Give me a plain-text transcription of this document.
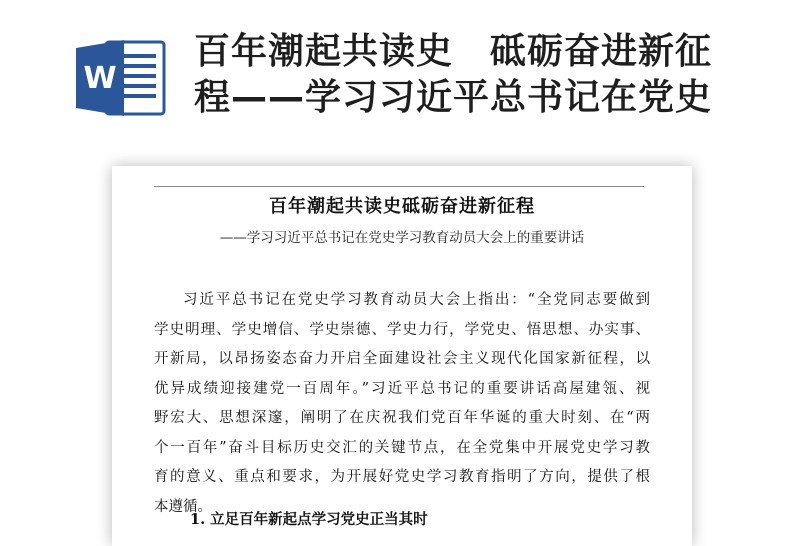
W
百年潮起共读史　砥砺奋进新征
程——学习习近平总书记在党史
百年潮起共读史砥砺奋进新征程
——学习习近平总书记在党史学习教育动员大会上的重要讲话
习近平总书记在党史学习教育动员大会上指出：“全党同志要做到
学史明理、学史增信、学史崇德、学史力行，学党史、悟思想、办实事、
开新局，以昂扬姿态奋力开启全面建设社会主义现代化国家新征程，以
优异成绩迎接建党一百周年。”习近平总书记的重要讲话高屋建瓴、视
野宏大、思想深邃，阐明了在庆祝我们党百年华诞的重大时刻、在“两
个一百年”奋斗目标历史交汇的关键节点，在全党集中开展党史学习教
育的意义、重点和要求，为开展好党史学习教育指明了方向，提供了根
本遵循。
1. 立足百年新起点学习党史正当其时
